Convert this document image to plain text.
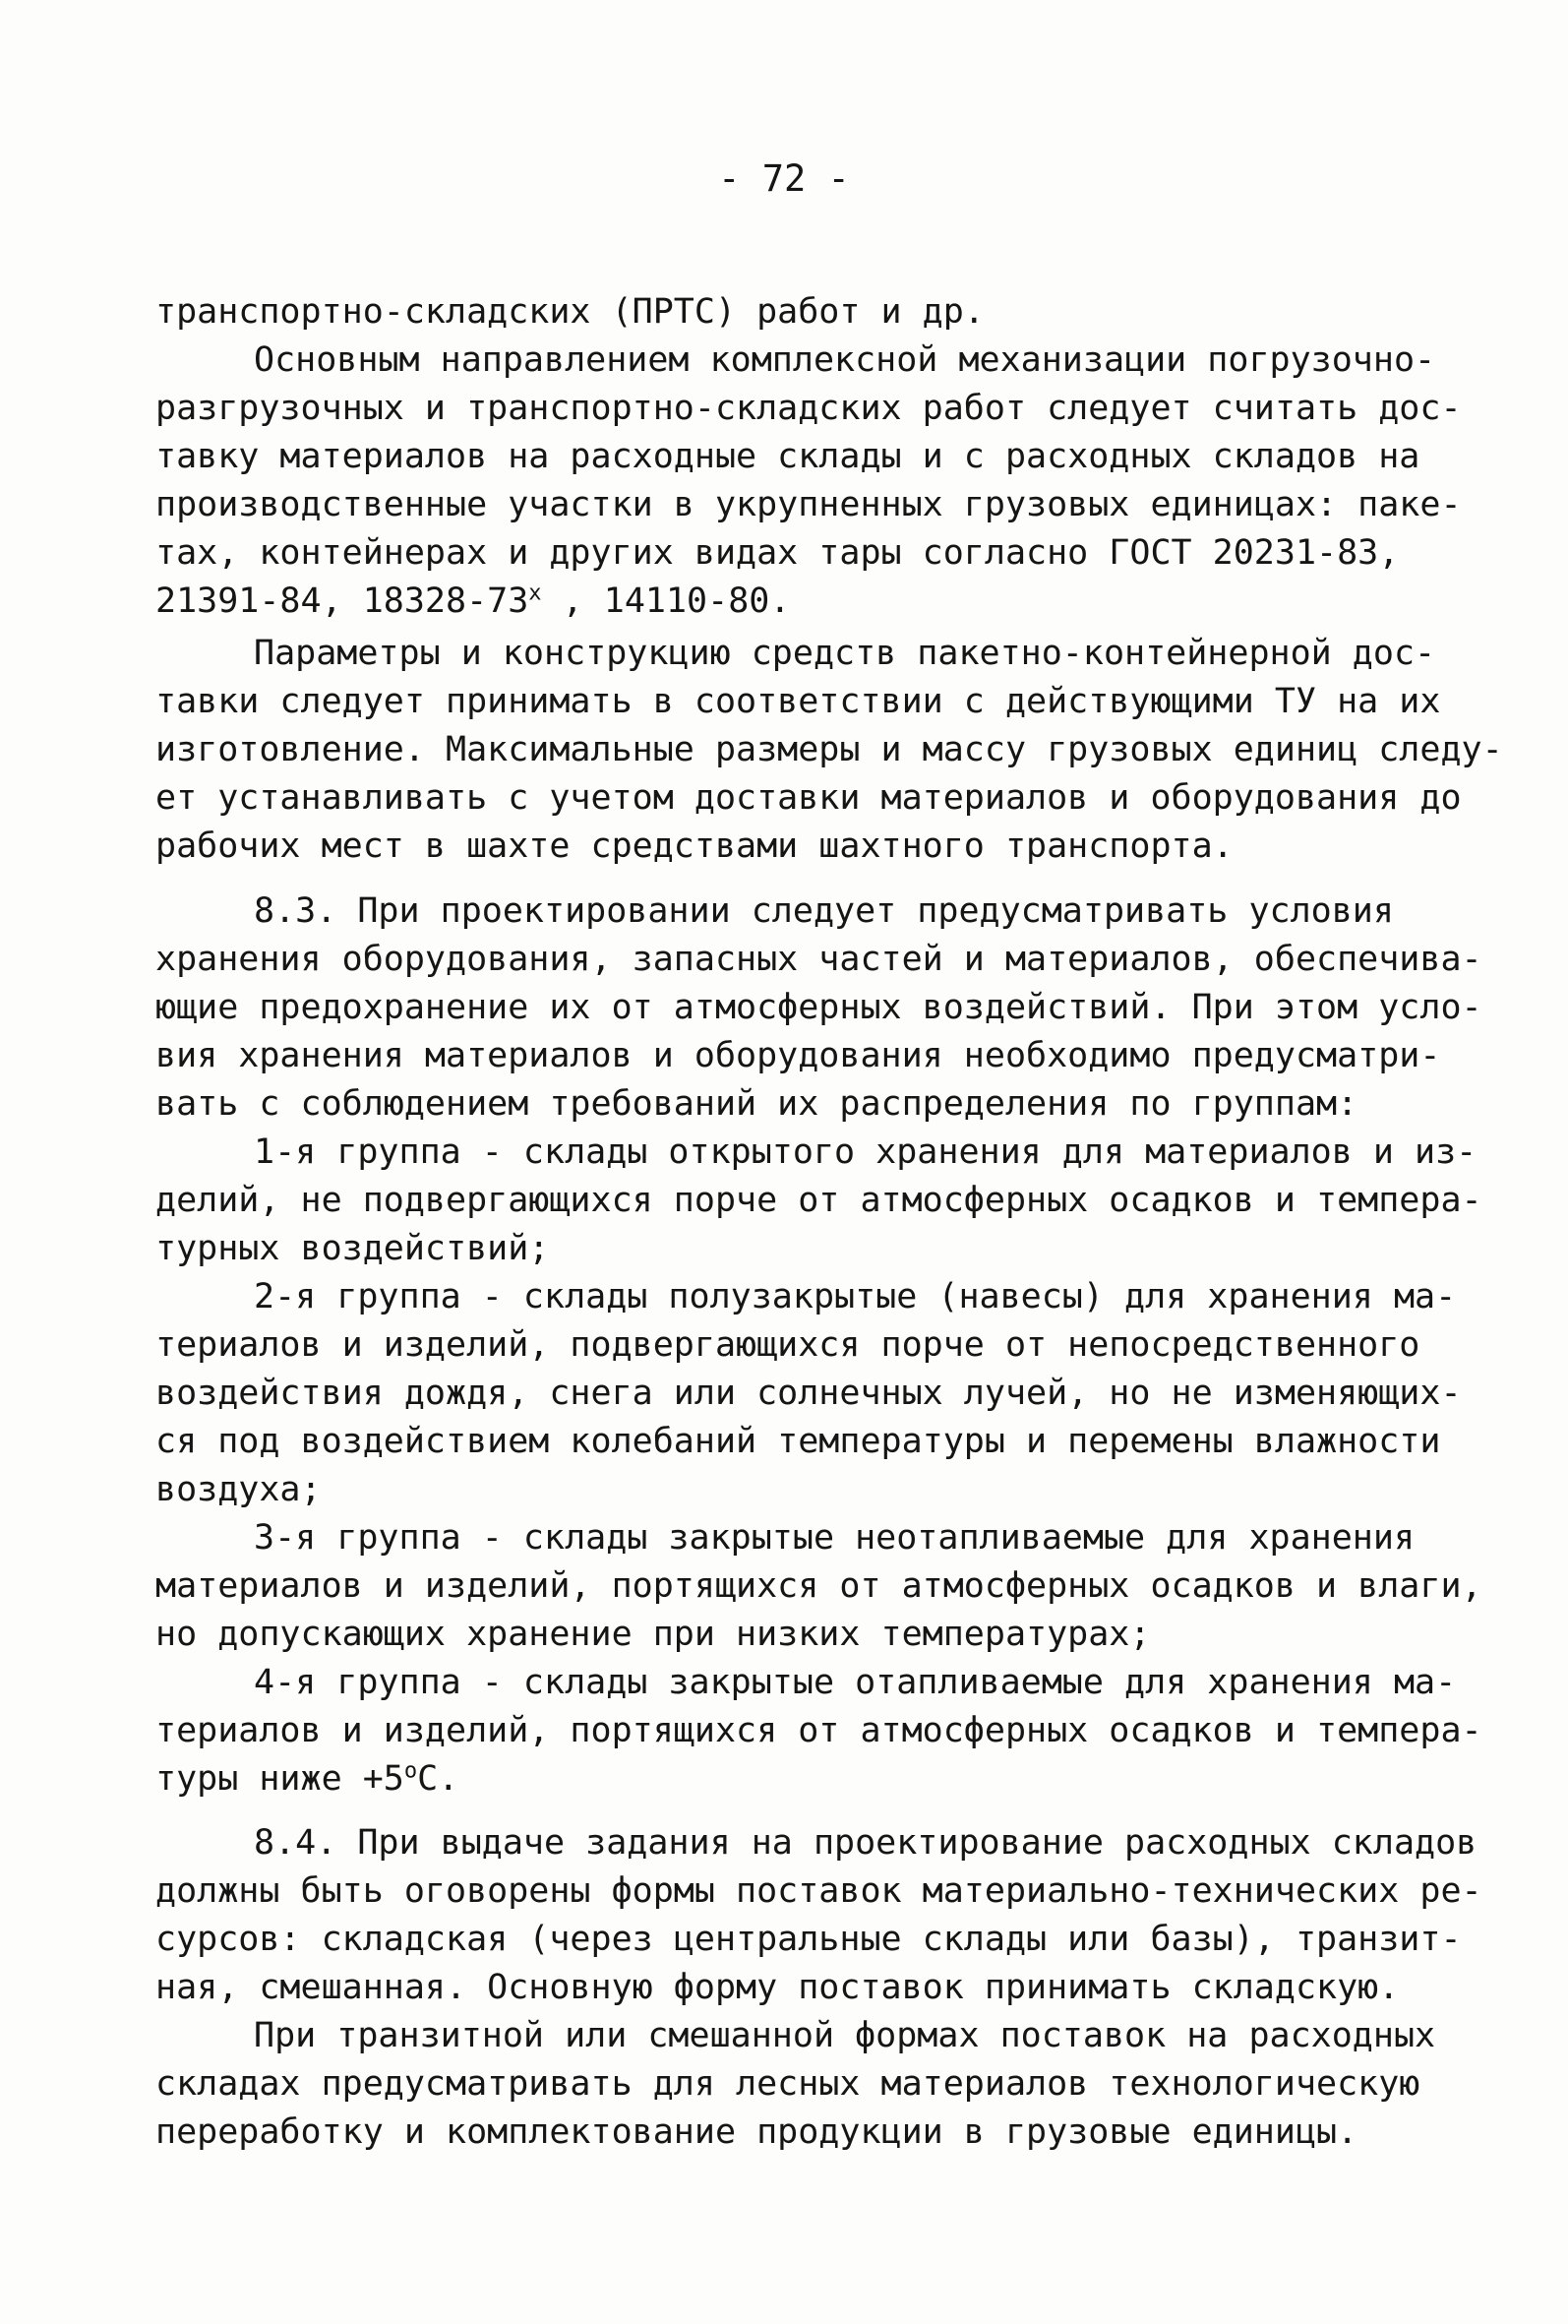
- 72 -
транспортно-складских (ПРТС) работ и др.
Основным направлением комплексной механизации погрузочно-
разгрузочных и транспортно-складских работ следует считать дос-
тавку материалов на расходные склады и с расходных складов на
производственные участки в укрупненных грузовых единицах: паке-
тах, контейнерах и других видах тары согласно ГОСТ 20231-83,
21391-84, $18328-73^х$ , 14110-80.
Параметры и конструкцию средств пакетно-контейнерной дос-
тавки следует принимать в соответствии с действующими ТУ на их
изготовление. Максимальные размеры и массу грузовых единиц следу-
ет устанавливать с учетом доставки материалов и оборудования до
рабочих мест в шахте средствами шахтного транспорта.
8.3. При проектировании следует предусматривать условия
хранения оборудования, запасных частей и материалов, обеспечива-
ющие предохранение их от атмосферных воздействий. При этом усло-
вия хранения материалов и оборудования необходимо предусматри-
вать с соблюдением требований их распределения по группам:
1-я группа - склады открытого хранения для материалов и из-
делий, не подвергающихся порче от атмосферных осадков и темпера-
турных воздействий;
2-я группа - склады полузакрытые (навесы) для хранения ма-
териалов и изделий, подвергающихся порче от непосредственного
воздействия дождя, снега или солнечных лучей, но не изменяющих-
ся под воздействием колебаний температуры и перемены влажности
воздуха;
3-я группа - склады закрытые неотапливаемые для хранения
материалов и изделий, портящихся от атмосферных осадков и влаги,
но допускающих хранение при низких температурах;
4-я группа - склады закрытые отапливаемые для хранения ма-
териалов и изделий, портящихся от атмосферных осадков и темпера-
туры ниже $+5^оС$.
8.4. При выдаче задания на проектирование расходных складов
должны быть оговорены формы поставок материально-технических ре-
сурсов: складская (через центральные склады или базы), транзит-
ная, смешанная. Основную форму поставок принимать складскую.
При транзитной или смешанной формах поставок на расходных
складах предусматривать для лесных материалов технологическую
переработку и комплектование продукции в грузовые единицы.
